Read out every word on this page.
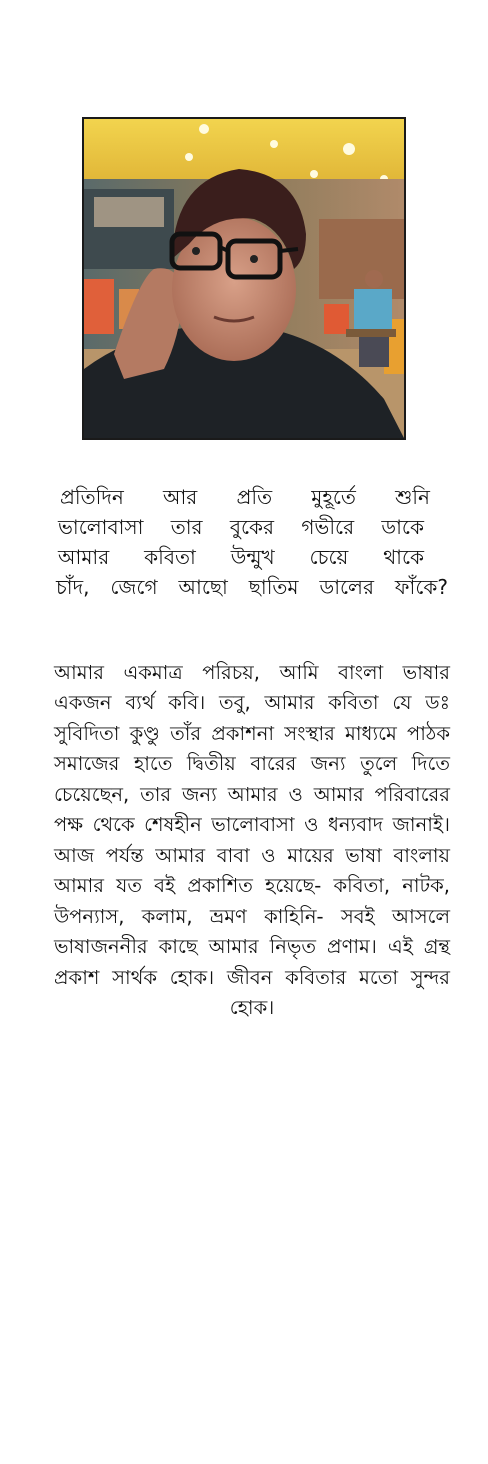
প্রতিদিন আর প্রতি মুহূর্তে শুনি
ভালোবাসা তার বুকের গভীরে ডাকে
আমার কবিতা উন্মুখ চেয়ে থাকে
চাঁদ, জেগে আছো ছাতিম ডালের ফাঁকে?

আমার একমাত্র পরিচয়, আমি বাংলা ভাষার একজন ব্যর্থ কবি। তবু, আমার কবিতা যে ডঃ সুবিদিতা কুণ্ডু তাঁর প্রকাশনা সংস্থার মাধ্যমে পাঠক সমাজের হাতে দ্বিতীয় বারের জন্য তুলে দিতে চেয়েছেন, তার জন্য আমার ও আমার পরিবারের পক্ষ থেকে শেষহীন ভালোবাসা ও ধন্যবাদ জানাই। আজ পর্যন্ত আমার বাবা ও মায়ের ভাষা বাংলায় আমার যত বই প্রকাশিত হয়েছে- কবিতা, নাটক, উপন্যাস, কলাম, ভ্রমণ কাহিনি- সবই আসলে ভাষাজননীর কাছে আমার নিভৃত প্রণাম। এই গ্রন্থ প্রকাশ সার্থক হোক। জীবন কবিতার মতো সুন্দর হোক।
